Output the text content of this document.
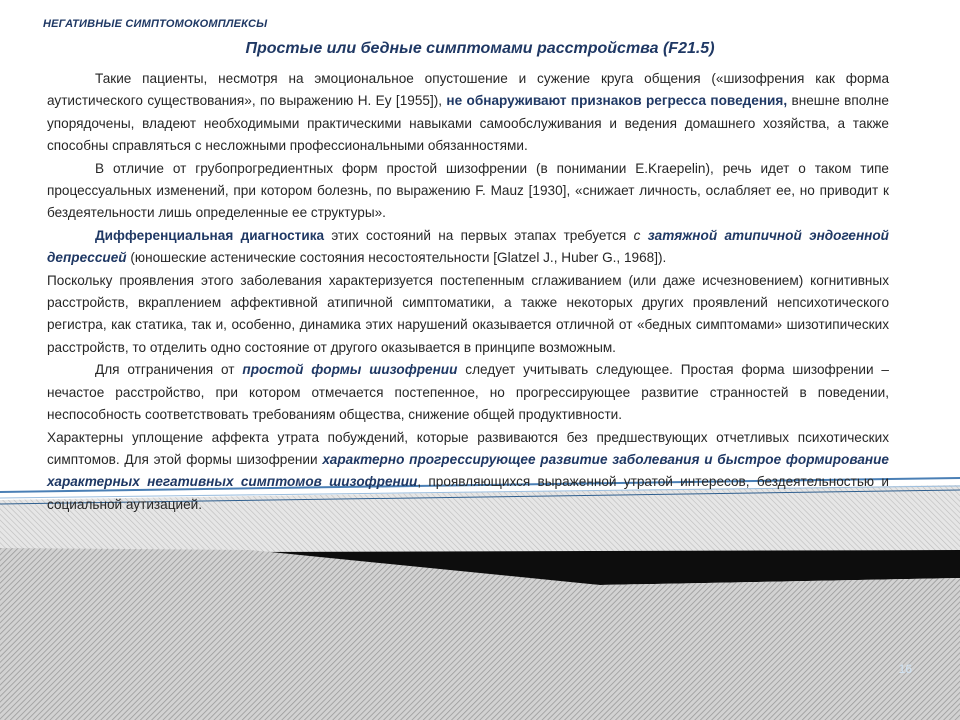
НЕГАТИВНЫЕ СИМПТОМОКОМПЛЕКСЫ
Простые или бедные симптомами расстройства (F21.5)

Такие пациенты, несмотря на эмоциональное опустошение и сужение круга общения («шизофрения как форма аутистического существования», по выражению H. Ey [1955]), не обнаруживают признаков регресса поведения, внешне вполне упорядочены, владеют необходимыми практическими навыками самообслуживания и ведения домашнего хозяйства, а также способны справляться с несложными профессиональными обязанностями.

В отличие от грубопрогредиентных форм простой шизофрении (в понимании E.Kraepelin), речь идет о таком типе процессуальных изменений, при котором болезнь, по выражению F. Mauz [1930], «снижает личность, ослабляет ее, но приводит к бездеятельности лишь определенные ее структуры».

Дифференциальная диагностика этих состояний на первых этапах требуется с затяжной атипичной эндогенной депрессией (юношеские астенические состояния несостоятельности [Glatzel J., Huber G., 1968]).

Поскольку проявления этого заболевания характеризуется постепенным сглаживанием (или даже исчезновением) когнитивных расстройств, вкраплением аффективной атипичной симптоматики, а также некоторых других проявлений непсихотического регистра, как статика, так и, особенно, динамика этих нарушений оказывается отличной от «бедных симптомами» шизотипических расстройств, то отделить одно состояние от другого оказывается в принципе возможным.

Для отграничения от простой формы шизофрении следует учитывать следующее. Простая форма шизофрении – нечастое расстройство, при котором отмечается постепенное, но прогрессирующее развитие странностей в поведении, неспособность соответствовать требованиям общества, снижение общей продуктивности.

Характерны уплощение аффекта утрата побуждений, которые развиваются без предшествующих отчетливых психотических симптомов. Для этой формы шизофрении характерно прогрессирующее развитие заболевания и быстрое формирование характерных негативных симптомов шизофрении, проявляющихся выраженной утратой интересов, бездеятельностью и социальной аутизацией.

16
